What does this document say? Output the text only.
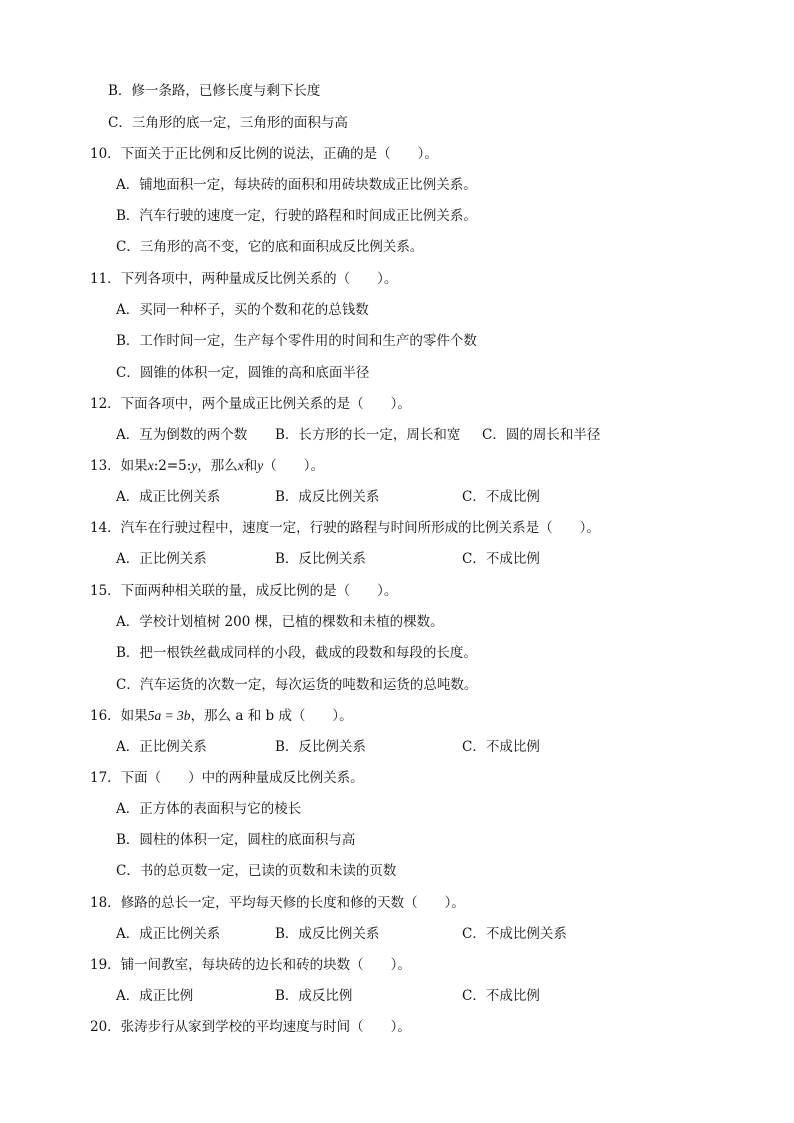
B．修一条路，已修长度与剩下长度
C．三角形的底一定，三角形的面积与高
10．下面关于正比例和反比例的说法，正确的是（　　）。
A．铺地面积一定，每块砖的面积和用砖块数成正比例关系。
B．汽车行驶的速度一定，行驶的路程和时间成正比例关系。
C．三角形的高不变，它的底和面积成反比例关系。
11．下列各项中，两种量成反比例关系的（　　）。
A．买同一种杯子，买的个数和花的总钱数
B．工作时间一定，生产每个零件用的时间和生产的零件个数
C．圆锥的体积一定，圆锥的高和底面半径
12．下面各项中，两个量成正比例关系的是（　　）。
A．互为倒数的两个数 B．长方形的长一定，周长和宽 C．圆的周长和半径
13．如果x:2=5:y，那么x和y（　　）。
A．成正比例关系	B．成反比例关系	C．不成比例
14．汽车在行驶过程中，速度一定，行驶的路程与时间所形成的比例关系是（　　）。
A．正比例关系	B．反比例关系	C．不成比例
15．下面两种相关联的量，成反比例的是（　　）。
A．学校计划植树 200 棵，已植的棵数和未植的棵数。
B．把一根铁丝截成同样的小段，截成的段数和每段的长度。
C．汽车运货的次数一定，每次运货的吨数和运货的总吨数。
16．如果5a = 3b，那么 a 和 b 成（　　）。
A．正比例关系	B．反比例关系	C．不成比例
17．下面（　　）中的两种量成反比例关系。
A．正方体的表面积与它的棱长
B．圆柱的体积一定，圆柱的底面积与高
C．书的总页数一定，已读的页数和未读的页数
18．修路的总长一定，平均每天修的长度和修的天数（　　）。
A．成正比例关系	B．成反比例关系	C．不成比例关系
19．铺一间教室，每块砖的边长和砖的块数（　　）。
A．成正比例	B．成反比例	C．不成比例
20．张涛步行从家到学校的平均速度与时间（　　）。
